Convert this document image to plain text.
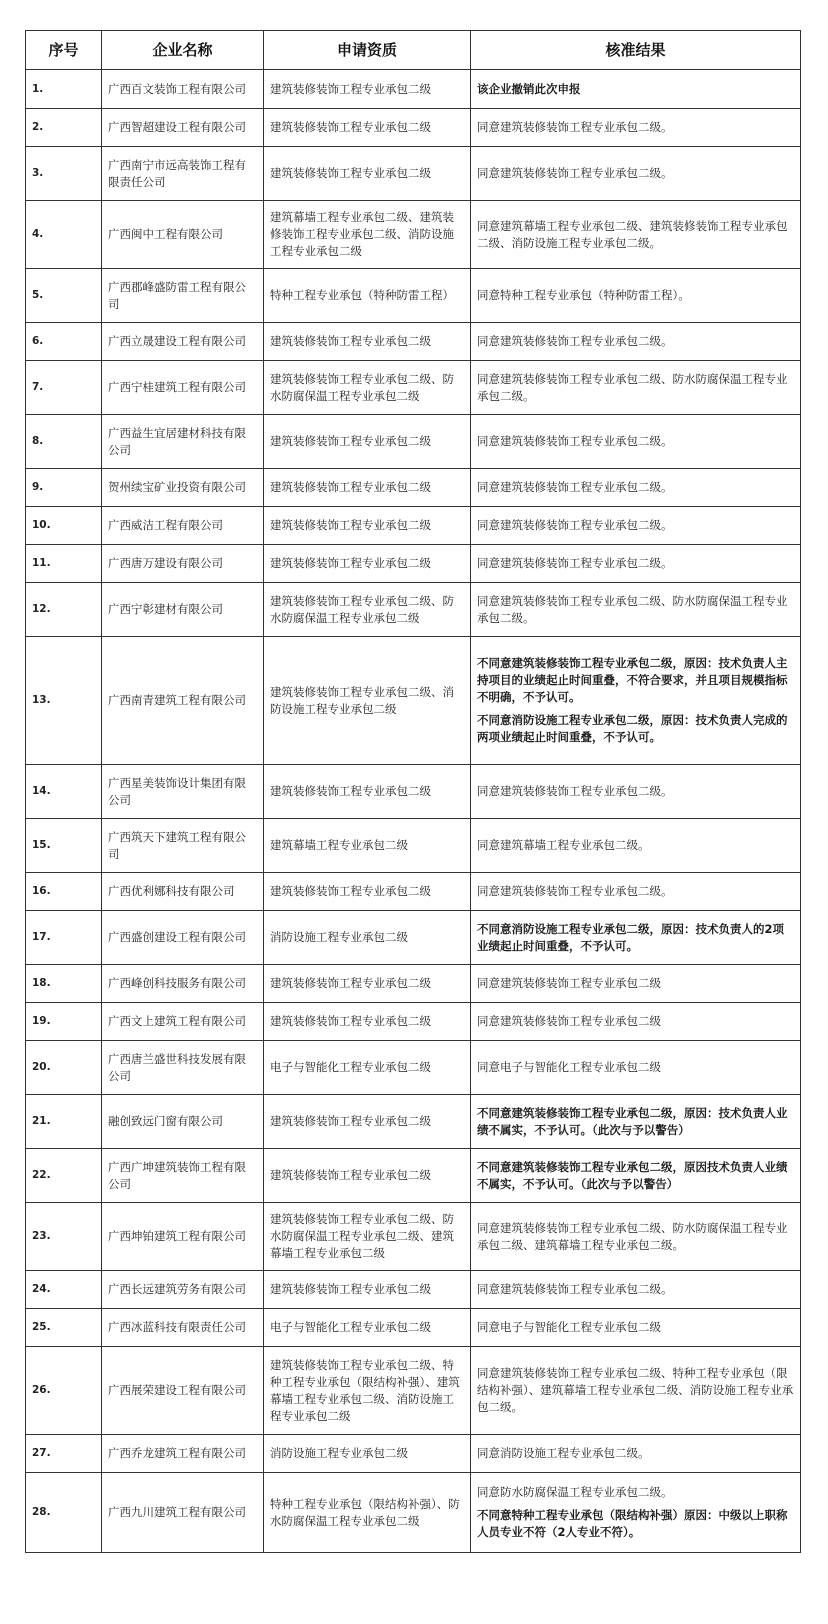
序号	企业名称	申请资质	核准结果
1.	广西百文装饰工程有限公司	建筑装修装饰工程专业承包二级	该企业撤销此次申报

2.	广西智超建设工程有限公司	建筑装修装饰工程专业承包二级	同意建筑装修装饰工程专业承包二级。

3.	广西南宁市远高装饰工程有限责任公司	建筑装修装饰工程专业承包二级	同意建筑装修装饰工程专业承包二级。

4.	广西闽中工程有限公司	建筑幕墙工程专业承包二级、建筑装修装饰工程专业承包二级、消防设施工程专业承包二级	同意建筑幕墙工程专业承包二级、建筑装修装饰工程专业承包二级、消防设施工程专业承包二级。

5.	广西郡峰盛防雷工程有限公司	特种工程专业承包（特种防雷工程）	同意特种工程专业承包（特种防雷工程）。

6.	广西立晟建设工程有限公司	建筑装修装饰工程专业承包二级	同意建筑装修装饰工程专业承包二级。

7.	广西宁桂建筑工程有限公司	建筑装修装饰工程专业承包二级、防水防腐保温工程专业承包二级	同意建筑装修装饰工程专业承包二级、防水防腐保温工程专业承包二级。

8.	广西益生宜居建材科技有限公司	建筑装修装饰工程专业承包二级	同意建筑装修装饰工程专业承包二级。

9.	贺州续宝矿业投资有限公司	建筑装修装饰工程专业承包二级	同意建筑装修装饰工程专业承包二级。

10.	广西威洁工程有限公司	建筑装修装饰工程专业承包二级	同意建筑装修装饰工程专业承包二级。

11.	广西唐万建设有限公司	建筑装修装饰工程专业承包二级	同意建筑装修装饰工程专业承包二级。

12.	广西宁彰建材有限公司	建筑装修装饰工程专业承包二级、防水防腐保温工程专业承包二级	同意建筑装修装饰工程专业承包二级、防水防腐保温工程专业承包二级。

13.	广西南青建筑工程有限公司	建筑装修装饰工程专业承包二级、消防设施工程专业承包二级	不同意建筑装修装饰工程专业承包二级，原因：技术负责人主持项目的业绩起止时间重叠，不符合要求，并且项目规模指标不明确，不予认可。

不同意消防设施工程专业承包二级，原因：技术负责人完成的两项业绩起止时间重叠，不予认可。

14.	广西星美装饰设计集团有限公司	建筑装修装饰工程专业承包二级	同意建筑装修装饰工程专业承包二级。

15.	广西筑天下建筑工程有限公司	建筑幕墙工程专业承包二级	同意建筑幕墙工程专业承包二级。

16.	广西优利娜科技有限公司	建筑装修装饰工程专业承包二级	同意建筑装修装饰工程专业承包二级。

17.	广西盛创建设工程有限公司	消防设施工程专业承包二级	不同意消防设施工程专业承包二级，原因：技术负责人的2项业绩起止时间重叠，不予认可。

18.	广西峰创科技服务有限公司	建筑装修装饰工程专业承包二级	同意建筑装修装饰工程专业承包二级

19.	广西文上建筑工程有限公司	建筑装修装饰工程专业承包二级	同意建筑装修装饰工程专业承包二级

20.	广西唐兰盛世科技发展有限公司	电子与智能化工程专业承包二级	同意电子与智能化工程专业承包二级

21.	融创致远门窗有限公司	建筑装修装饰工程专业承包二级	不同意建筑装修装饰工程专业承包二级，原因：技术负责人业绩不属实，不予认可。（此次与予以警告）

22.	广西广坤建筑装饰工程有限公司	建筑装修装饰工程专业承包二级	不同意建筑装修装饰工程专业承包二级，原因技术负责人业绩不属实，不予认可。（此次与予以警告）

23.	广西坤铂建筑工程有限公司	建筑装修装饰工程专业承包二级、防水防腐保温工程专业承包二级、建筑幕墙工程专业承包二级	同意建筑装修装饰工程专业承包二级、防水防腐保温工程专业承包二级、建筑幕墙工程专业承包二级。

24.	广西长远建筑劳务有限公司	建筑装修装饰工程专业承包二级	同意建筑装修装饰工程专业承包二级。

25.	广西冰蓝科技有限责任公司	电子与智能化工程专业承包二级	同意电子与智能化工程专业承包二级

26.	广西展荣建设工程有限公司	建筑装修装饰工程专业承包二级、特种工程专业承包（限结构补强）、建筑幕墙工程专业承包二级、消防设施工程专业承包二级	同意建筑装修装饰工程专业承包二级、特种工程专业承包（限结构补强）、建筑幕墙工程专业承包二级、消防设施工程专业承包二级。

27.	广西乔龙建筑工程有限公司	消防设施工程专业承包二级	同意消防设施工程专业承包二级。

28.	广西九川建筑工程有限公司	特种工程专业承包（限结构补强）、防水防腐保温工程专业承包二级	同意防水防腐保温工程专业承包二级。

不同意特种工程专业承包（限结构补强）原因：中级以上职称人员专业不符（2人专业不符）。
